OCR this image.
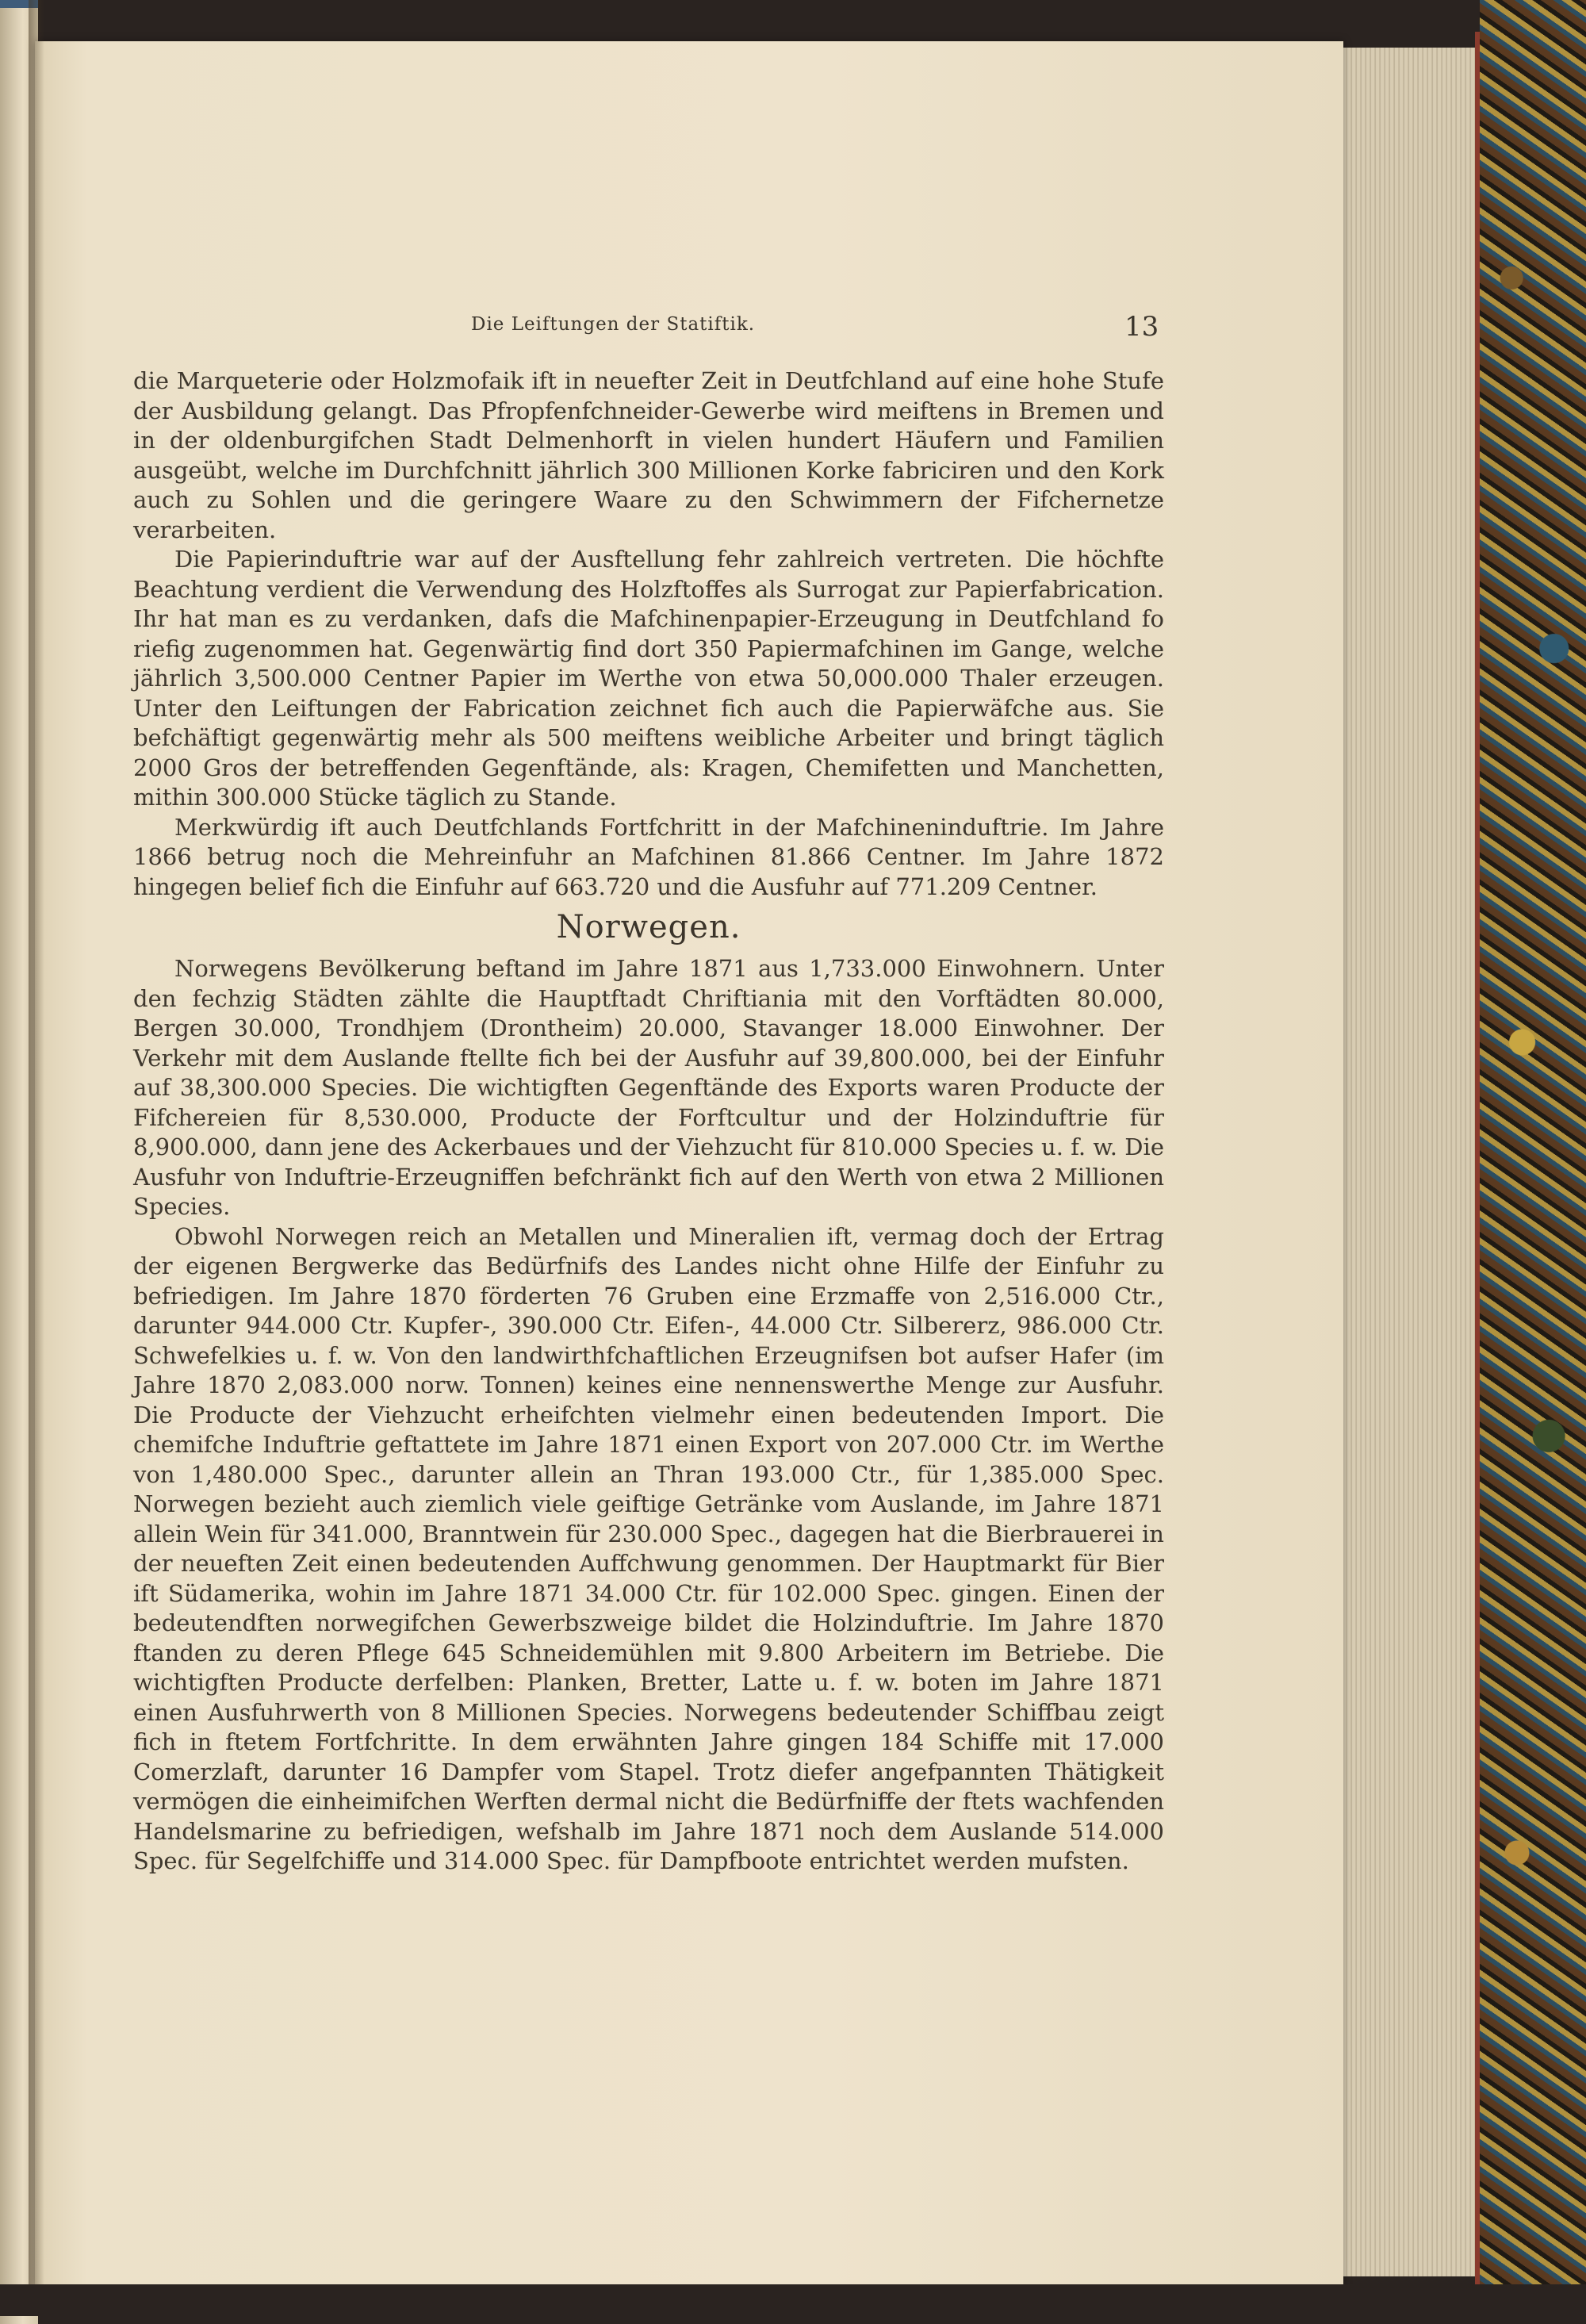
Die Leiftungen der Statiftik.	13

die Marqueterie oder Holzmofaik ift in neuefter Zeit in Deutfchland auf eine hohe Stufe der Ausbildung gelangt. Das Pfropfenfchneider-Gewerbe wird meiftens in Bremen und in der oldenburgifchen Stadt Delmenhorft in vielen hundert Häufern und Familien ausgeübt, welche im Durchfchnitt jährlich 300 Millionen Korke fabriciren und den Kork auch zu Sohlen und die geringere Waare zu den Schwimmern der Fifchernetze verarbeiten.

Die Papierinduftrie war auf der Ausftellung fehr zahlreich vertreten. Die höchfte Beachtung verdient die Verwendung des Holzftoffes als Surrogat zur Papierfabrication. Ihr hat man es zu verdanken, dafs die Mafchinenpapier-Erzeugung in Deutfchland fo riefig zugenommen hat. Gegenwärtig find dort 350 Papiermafchinen im Gange, welche jährlich 3,500.000 Centner Papier im Werthe von etwa 50,000.000 Thaler erzeugen. Unter den Leiftungen der Fabrication zeichnet fich auch die Papierwäfche aus. Sie befchäftigt gegenwärtig mehr als 500 meiftens weibliche Arbeiter und bringt täglich 2000 Gros der betreffenden Gegenftände, als: Kragen, Chemifetten und Manchetten, mithin 300.000 Stücke täglich zu Stande.

Merkwürdig ift auch Deutfchlands Fortfchritt in der Mafchineninduftrie. Im Jahre 1866 betrug noch die Mehreinfuhr an Mafchinen 81.866 Centner. Im Jahre 1872 hingegen belief fich die Einfuhr auf 663.720 und die Ausfuhr auf 771.209 Centner.

Norwegen.

Norwegens Bevölkerung beftand im Jahre 1871 aus 1,733.000 Einwohnern. Unter den fechzig Städten zählte die Hauptftadt Chriftiania mit den Vorftädten 80.000, Bergen 30.000, Trondhjem (Drontheim) 20.000, Stavanger 18.000 Einwohner. Der Verkehr mit dem Auslande ftellte fich bei der Ausfuhr auf 39,800.000, bei der Einfuhr auf 38,300.000 Species. Die wichtigften Gegenftände des Exports waren Producte der Fifchereien für 8,530.000, Producte der Forftcultur und der Holzinduftrie für 8,900.000, dann jene des Ackerbaues und der Viehzucht für 810.000 Species u. f. w. Die Ausfuhr von Induftrie-Erzeugniffen befchränkt fich auf den Werth von etwa 2 Millionen Species.

Obwohl Norwegen reich an Metallen und Mineralien ift, vermag doch der Ertrag der eigenen Bergwerke das Bedürfnifs des Landes nicht ohne Hilfe der Einfuhr zu befriedigen. Im Jahre 1870 förderten 76 Gruben eine Erzmaffe von 2,516.000 Ctr., darunter 944.000 Ctr. Kupfer-, 390.000 Ctr. Eifen-, 44.000 Ctr. Silbererz, 986.000 Ctr. Schwefelkies u. f. w. Von den landwirthfchaftlichen Erzeugnifsen bot aufser Hafer (im Jahre 1870 2,083.000 norw. Tonnen) keines eine nennenswerthe Menge zur Ausfuhr. Die Producte der Viehzucht erheifchten vielmehr einen bedeutenden Import. Die chemifche Induftrie geftattete im Jahre 1871 einen Export von 207.000 Ctr. im Werthe von 1,480.000 Spec., darunter allein an Thran 193.000 Ctr., für 1,385.000 Spec. Norwegen bezieht auch ziemlich viele geiftige Getränke vom Auslande, im Jahre 1871 allein Wein für 341.000, Branntwein für 230.000 Spec., dagegen hat die Bierbrauerei in der neueften Zeit einen bedeutenden Auffchwung genommen. Der Hauptmarkt für Bier ift Südamerika, wohin im Jahre 1871 34.000 Ctr. für 102.000 Spec. gingen. Einen der bedeutendften norwegifchen Gewerbszweige bildet die Holzinduftrie. Im Jahre 1870 ftanden zu deren Pflege 645 Schneidemühlen mit 9.800 Arbeitern im Betriebe. Die wichtigften Producte derfelben: Planken, Bretter, Latte u. f. w. boten im Jahre 1871 einen Ausfuhrwerth von 8 Millionen Species. Norwegens bedeutender Schiffbau zeigt fich in ftetem Fortfchritte. In dem erwähnten Jahre gingen 184 Schiffe mit 17.000 Comerzlaft, darunter 16 Dampfer vom Stapel. Trotz diefer angefpannten Thätigkeit vermögen die einheimifchen Werften dermal nicht die Bedürfniffe der ftets wachfenden Handelsmarine zu befriedigen, wefshalb im Jahre 1871 noch dem Auslande 514.000 Spec. für Segelfchiffe und 314.000 Spec. für Dampfboote entrichtet werden mufsten.
